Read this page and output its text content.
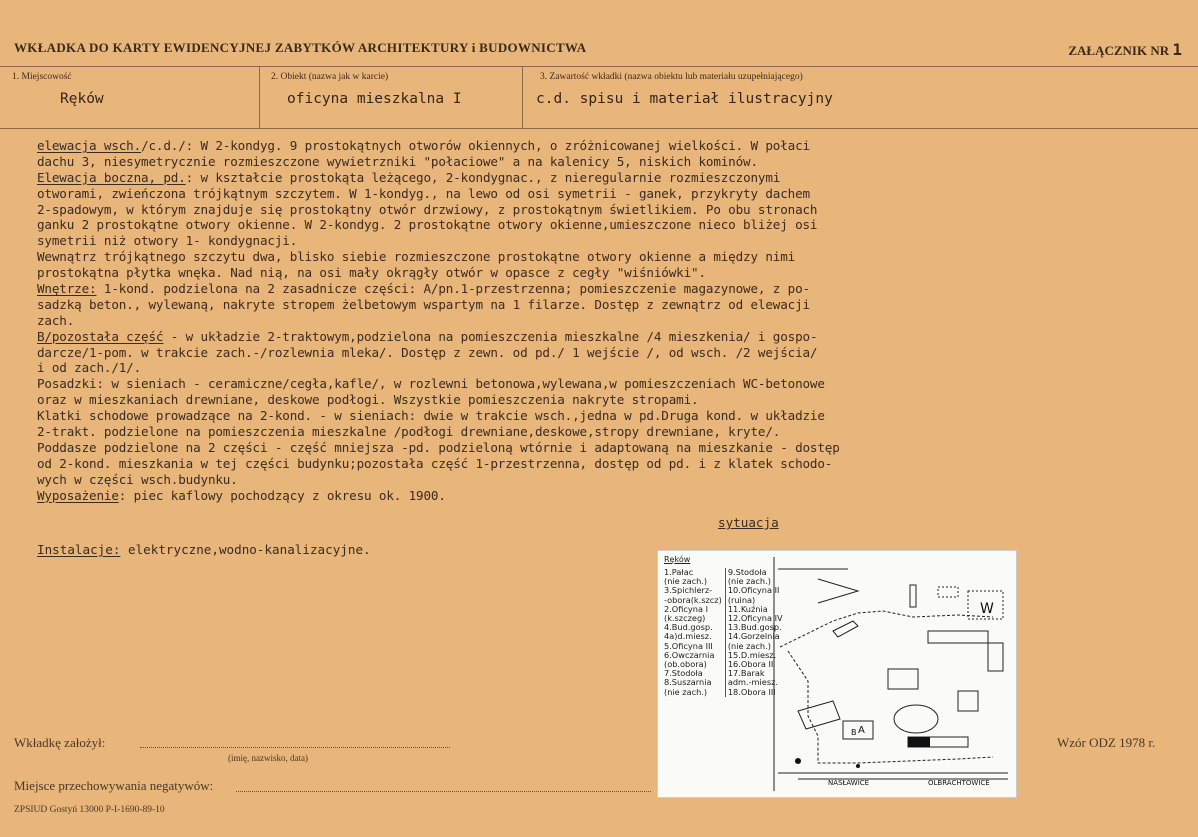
WKŁADKA DO KARTY EWIDENCYJNEJ ZABYTKÓW ARCHITEKTURY i BUDOWNICTWA	ZAŁĄCZNIK NR 1
1. Miejscowość
Ręków
2. Obiekt (nazwa jak w karcie)
oficyna mieszkalna I
3. Zawartość wkładki (nazwa obiektu lub materiału uzupełniającego)
c.d. spisu i materiał ilustracyjny
elewacja wsch./c.d./: W 2-kondyg. 9 prostokątnych otworów okiennych, o zróżnicowanej wielkości. W połaci
dachu 3, niesymetrycznie rozmieszczone wywietrzniki "połaciowe" a na kalenicy 5, niskich kominów.
Elewacja boczna, pd.: w kształcie prostokąta leżącego, 2-kondygnac., z nieregularnie rozmieszczonymi
otworami, zwieńczona trójkątnym szczytem. W 1-kondyg., na lewo od osi symetrii - ganek, przykryty dachem
2-spadowym, w którym znajduje się prostokątny otwór drzwiowy, z prostokątnym świetlikiem. Po obu stronach
ganku 2 prostokątne otwory okienne. W 2-kondyg. 2 prostokątne otwory okienne,umieszczone nieco bliżej osi
symetrii niż otwory 1- kondygnacji.
Wewnątrz trójkątnego szczytu dwa, blisko siebie rozmieszczone prostokątne otwory okienne a między nimi
prostokątna płytka wnęka. Nad nią, na osi mały okrągły otwór w opasce z cegły "wiśniówki".
Wnętrze: 1-kond. podzielona na 2 zasadnicze części: A/pn.1-przestrzenna; pomieszczenie magazynowe, z po-
sadzką beton., wylewaną, nakryte stropem żelbetowym wspartym na 1 filarze. Dostęp z zewnątrz od elewacji
zach.
B/pozostała część - w układzie 2-traktowym,podzielona na pomieszczenia mieszkalne /4 mieszkenia/ i gospo-
darcze/1-pom. w trakcie zach.-/rozlewnia mleka/. Dostęp z zewn. od pd./ 1 wejście /, od wsch. /2 wejścia/
i od zach./1/.
Posadzki: w sieniach - ceramiczne/cegła,kafle/, w rozlewni betonowa,wylewana,w pomieszczeniach WC-betonowe
oraz w mieszkaniach drewniane, deskowe podłogi. Wszystkie pomieszczenia nakryte stropami.
Klatki schodowe prowadzące na 2-kond. - w sieniach: dwie w trakcie wsch.,jedna w pd.Druga kond. w układzie
2-trakt. podzielone na pomieszczenia mieszkalne /podłogi drewniane,deskowe,stropy drewniane, kryte/.
Poddasze podzielone na 2 części - część mniejsza -pd. podzieloną wtórnie i adaptowaną na mieszkanie - dostęp
od 2-kond. mieszkania w tej części budynku;pozostała część 1-przestrzenna, dostęp od pd. i z klatek schodo-
wych w części wsch.budynku.
Wyposażenie: piec kaflowy pochodzący z okresu ok. 1900.
sytuacja
Instalacje: elektryczne,wodno-kanalizacyjne.
Wkładkę założył:
(imię, nazwisko, data)
Miejsce przechowywania negatywów:
Wzór ODZ 1978 r.
ZPSIUD Gostyń 13000 P-I-1690-89-10
Ręków
1.Pałac	9.Stodoła
(nie zach.)	(nie zach.)
3.Spichlerz-	10.Oficyna II
-obora(k.szcz)	(ruina)
2.Oficyna I	11.Kuźnia
(k.szczeg)	12.Oficyna IV
4.Bud.gosp.	13.Bud.gosp.
4a)d.miesz.	14.Gorzelnia
5.Oficyna III	(nie zach.)
6.Owczarnia	15.D.miesz.
(ob.obora)	16.Obora II
7.Stodoła	17.Barak
8.Suszarnia	adm.-miesz.
(nie zach.)	18.Obora III
NASŁAWICE	OLBRACHTOWICE
W
A
B
